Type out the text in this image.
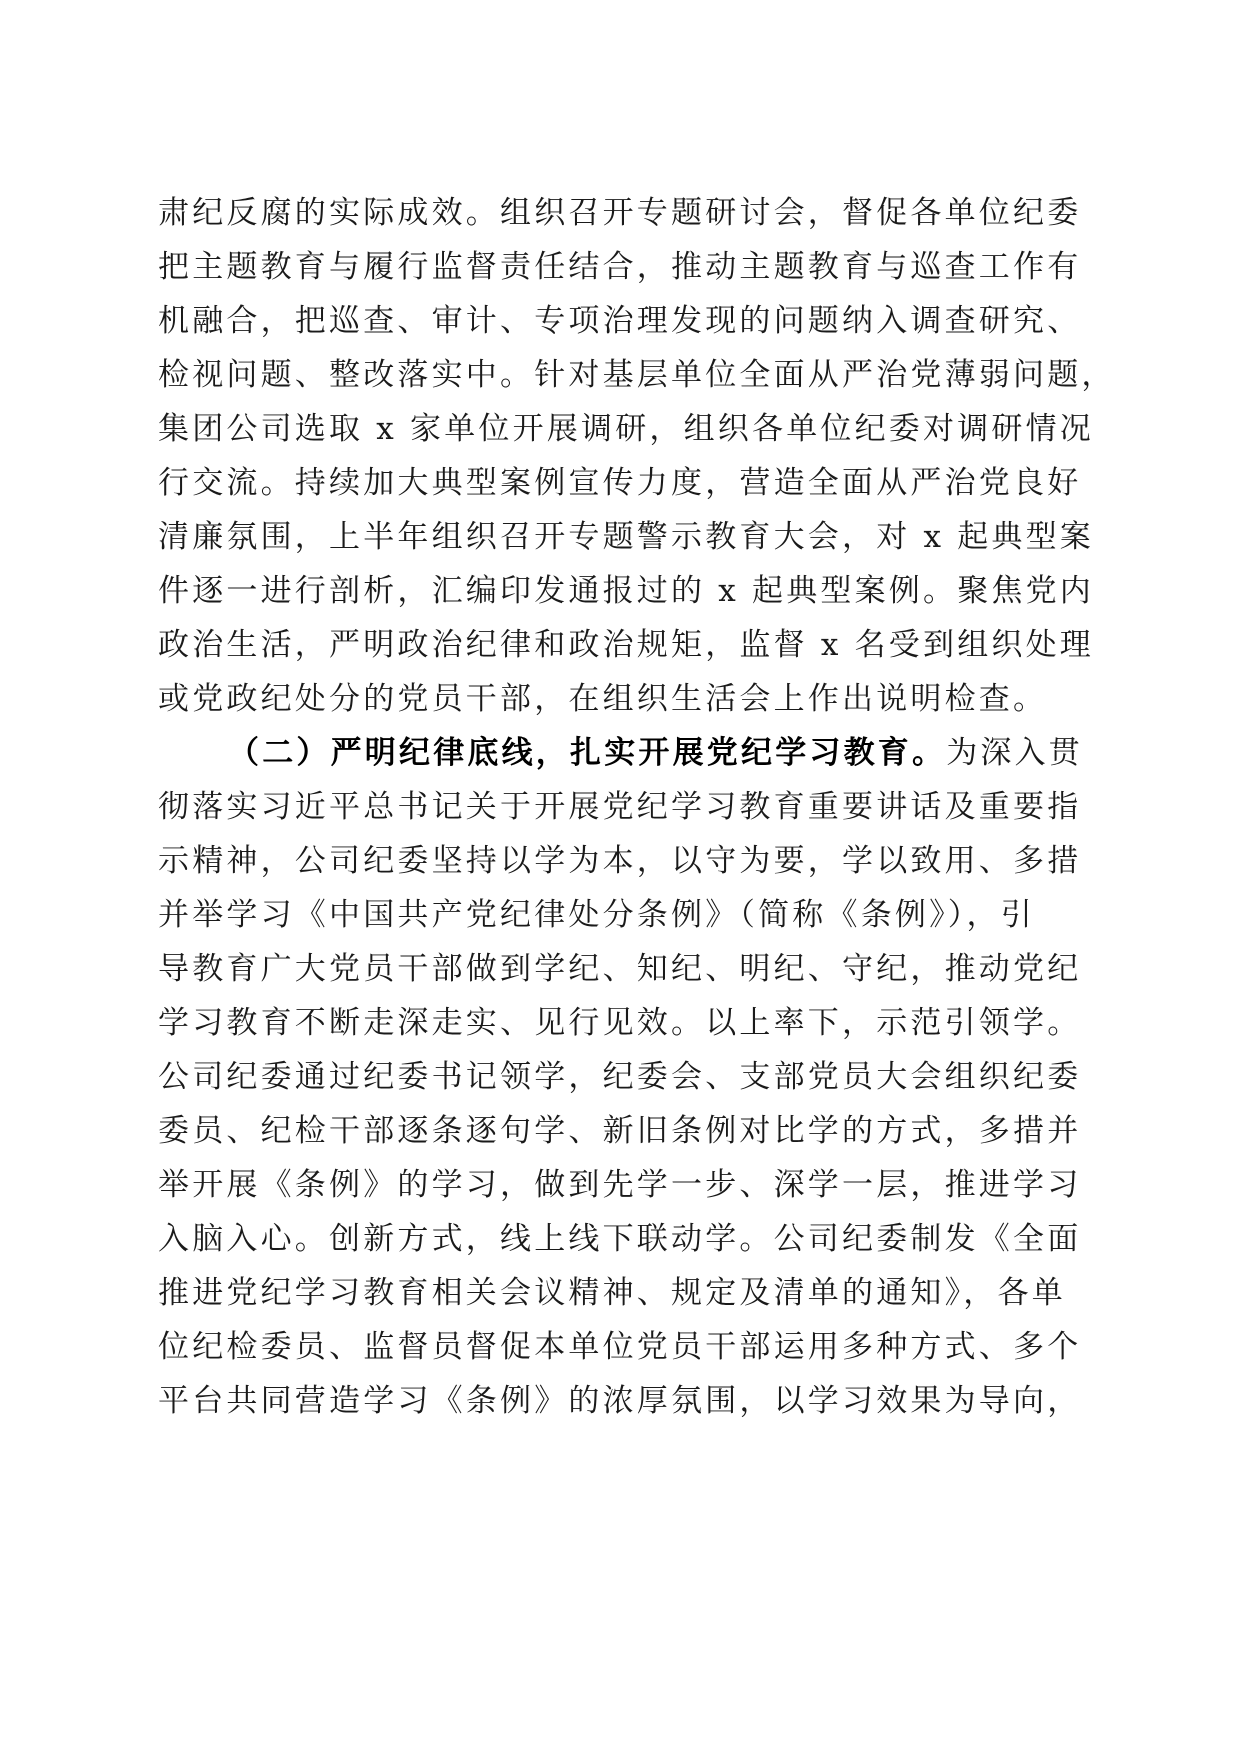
肃纪反腐的实际成效。组织召开专题研讨会，督促各单位纪委
把主题教育与履行监督责任结合，推动主题教育与巡查工作有
机融合，把巡查、审计、专项治理发现的问题纳入调查研究、
检视问题、整改落实中。针对基层单位全面从严治党薄弱问题，
集团公司选取 x 家单位开展调研，组织各单位纪委对调研情况
行交流。持续加大典型案例宣传力度，营造全面从严治党良好
清廉氛围，上半年组织召开专题警示教育大会，对 x 起典型案
件逐一进行剖析，汇编印发通报过的 x 起典型案例。聚焦党内
政治生活，严明政治纪律和政治规矩，监督 x 名受到组织处理
或党政纪处分的党员干部，在组织生活会上作出说明检查。
（二）严明纪律底线，扎实开展党纪学习教育。为深入贯
彻落实习近平总书记关于开展党纪学习教育重要讲话及重要指
示精神，公司纪委坚持以学为本，以守为要，学以致用、多措
并举学习《中国共产党纪律处分条例》（简称《条例》），引
导教育广大党员干部做到学纪、知纪、明纪、守纪，推动党纪
学习教育不断走深走实、见行见效。以上率下，示范引领学。
公司纪委通过纪委书记领学，纪委会、支部党员大会组织纪委
委员、纪检干部逐条逐句学、新旧条例对比学的方式，多措并
举开展《条例》的学习，做到先学一步、深学一层，推进学习
入脑入心。创新方式，线上线下联动学。公司纪委制发《全面
推进党纪学习教育相关会议精神、规定及清单的通知》，各单
位纪检委员、监督员督促本单位党员干部运用多种方式、多个
平台共同营造学习《条例》的浓厚氛围，以学习效果为导向，
